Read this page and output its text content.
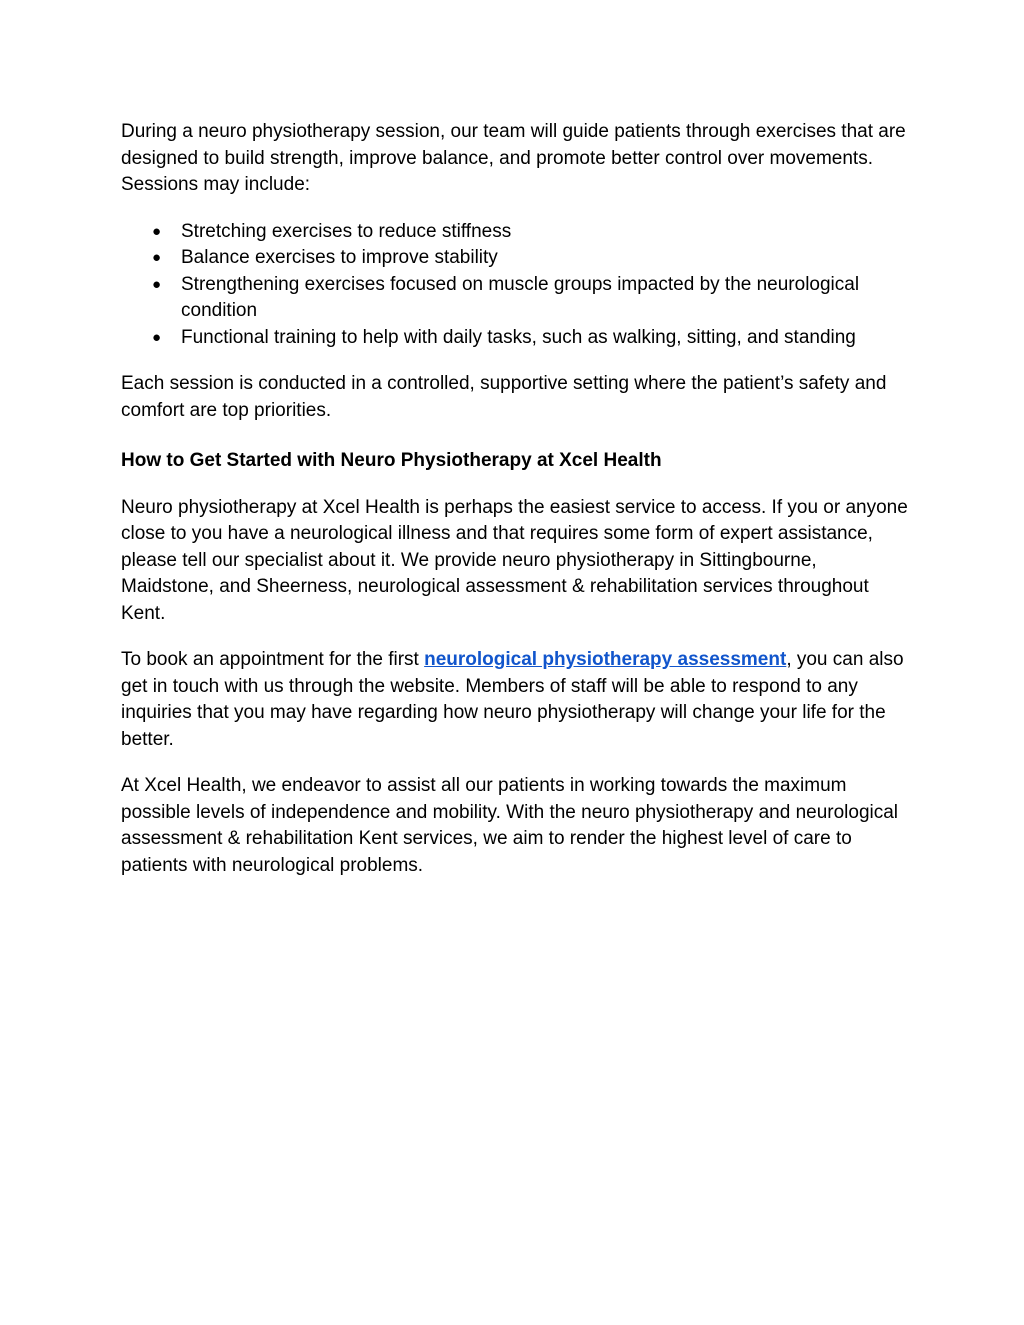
During a neuro physiotherapy session, our team will guide patients through exercises that are designed to build strength, improve balance, and promote better control over movements. Sessions may include:

● Stretching exercises to reduce stiffness
● Balance exercises to improve stability
● Strengthening exercises focused on muscle groups impacted by the neurological condition
● Functional training to help with daily tasks, such as walking, sitting, and standing

Each session is conducted in a controlled, supportive setting where the patient’s safety and comfort are top priorities.

How to Get Started with Neuro Physiotherapy at Xcel Health

Neuro physiotherapy at Xcel Health is perhaps the easiest service to access. If you or anyone close to you have a neurological illness and that requires some form of expert assistance, please tell our specialist about it. We provide neuro physiotherapy in Sittingbourne, Maidstone, and Sheerness, neurological assessment & rehabilitation services throughout Kent.

To book an appointment for the first neurological physiotherapy assessment, you can also get in touch with us through the website. Members of staff will be able to respond to any inquiries that you may have regarding how neuro physiotherapy will change your life for the better.

At Xcel Health, we endeavor to assist all our patients in working towards the maximum possible levels of independence and mobility. With the neuro physiotherapy and neurological assessment & rehabilitation Kent services, we aim to render the highest level of care to patients with neurological problems.
